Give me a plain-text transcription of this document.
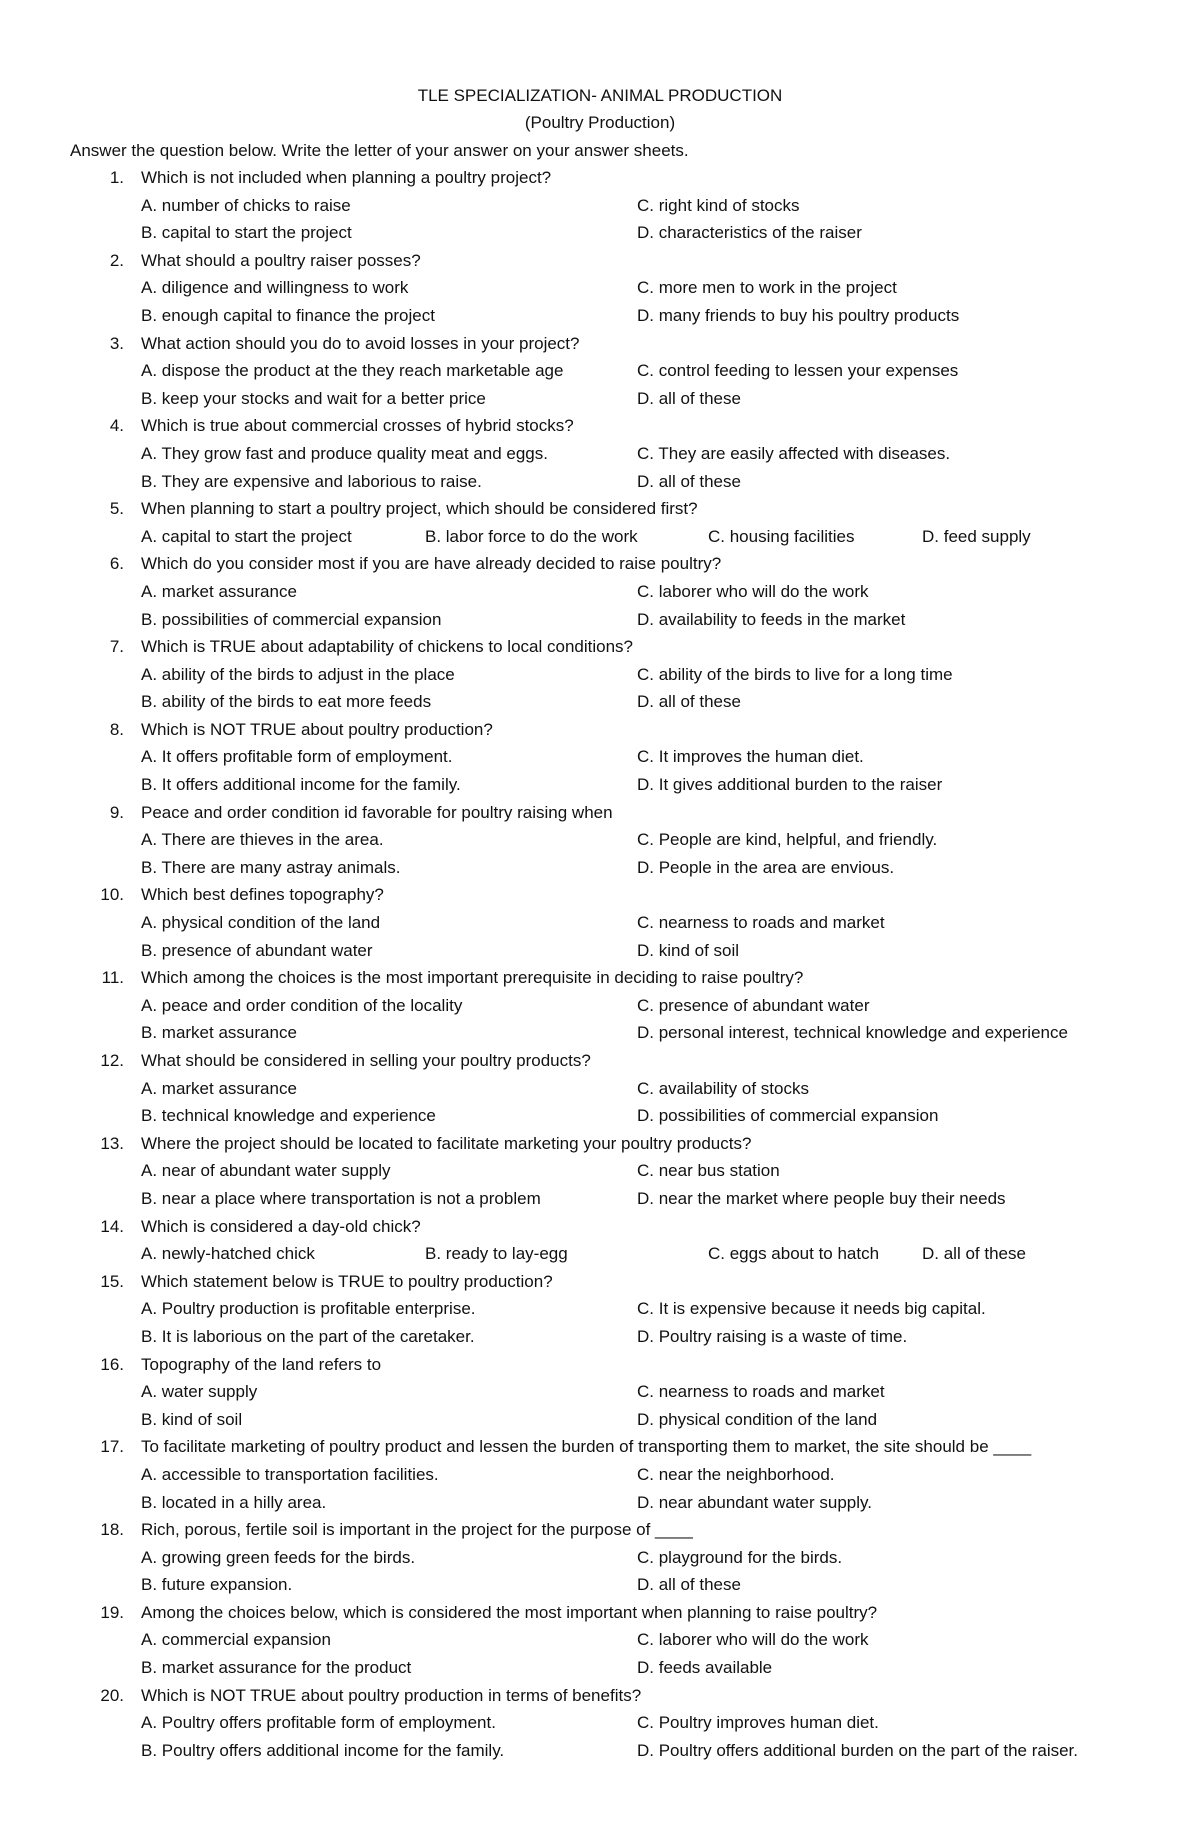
TLE SPECIALIZATION- ANIMAL PRODUCTION
(Poultry Production)
Answer the question below. Write the letter of your answer on your answer sheets.
1. Which is not included when planning a poultry project?
A. number of chicks to raise	C. right kind of stocks
B. capital to start the project	D. characteristics of the raiser
2. What should a poultry raiser posses?
A. diligence and willingness to work	C. more men to work in the project
B. enough capital to finance the project	D. many friends to buy his poultry products
3. What action should you do to avoid losses in your project?
A. dispose the product at the they reach marketable age	C. control feeding to lessen your expenses
B. keep your stocks and wait for a better price	D. all of these
4. Which is true about commercial crosses of hybrid stocks?
A. They grow fast and produce quality meat and eggs.	C. They are easily affected with diseases.
B. They are expensive and laborious to raise.	D. all of these
5. When planning to start a poultry project, which should be considered first?
A. capital to start the project	B. labor force to do the work	C. housing facilities	D. feed supply
6. Which do you consider most if you are have already decided to raise poultry?
A. market assurance	C. laborer who will do the work
B. possibilities of commercial expansion	D. availability to feeds in the market
7. Which is TRUE about adaptability of chickens to local conditions?
A. ability of the birds to adjust in the place	C. ability of the birds to live for a long time
B. ability of the birds to eat more feeds	D. all of these
8. Which is NOT TRUE about poultry production?
A. It offers profitable form of employment.	C. It improves the human diet.
B. It offers additional income for the family.	D. It gives additional burden to the raiser
9. Peace and order condition id favorable for poultry raising when
A. There are thieves in the area.	C. People are kind, helpful, and friendly.
B. There are many astray animals.	D. People in the area are envious.
10. Which best defines topography?
A. physical condition of the land	C. nearness to roads and market
B. presence of abundant water	D. kind of soil
11. Which among the choices is the most important prerequisite in deciding to raise poultry?
A. peace and order condition of the locality	C. presence of abundant water
B. market assurance	D. personal interest, technical knowledge and experience
12. What should be considered in selling your poultry products?
A. market assurance	C. availability of stocks
B. technical knowledge and experience	D. possibilities of commercial expansion
13. Where the project should be located to facilitate marketing your poultry products?
A. near of abundant water supply	C. near bus station
B. near a place where transportation is not a problem	D. near the market where people buy their needs
14. Which is considered a day-old chick?
A. newly-hatched chick	B. ready to lay-egg	C. eggs about to hatch	D. all of these
15. Which statement below is TRUE to poultry production?
A. Poultry production is profitable enterprise.	C. It is expensive because it needs big capital.
B. It is laborious on the part of the caretaker.	D. Poultry raising is a waste of time.
16. Topography of the land refers to
A. water supply	C. nearness to roads and market
B. kind of soil	D. physical condition of the land
17. To facilitate marketing of poultry product and lessen the burden of transporting them to market, the site should be ____
A. accessible to transportation facilities.	C. near the neighborhood.
B. located in a hilly area.	D. near abundant water supply.
18. Rich, porous, fertile soil is important in the project for the purpose of ____
A. growing green feeds for the birds.	C. playground for the birds.
B. future expansion.	D. all of these
19. Among the choices below, which is considered the most important when planning to raise poultry?
A. commercial expansion	C. laborer who will do the work
B. market assurance for the product	D. feeds available
20. Which is NOT TRUE about poultry production in terms of benefits?
A. Poultry offers profitable form of employment.	C. Poultry improves human diet.
B. Poultry offers additional income for the family.	D. Poultry offers additional burden on the part of the raiser.
